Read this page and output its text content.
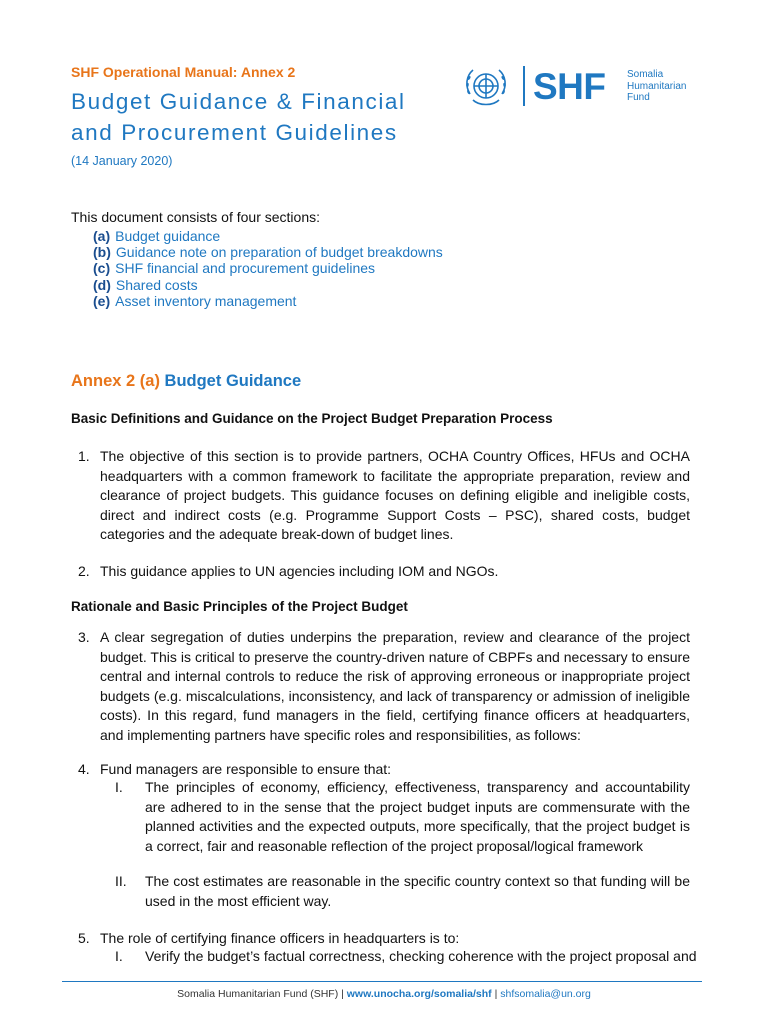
SHF Operational Manual: Annex 2
Budget Guidance & Financial
and Procurement Guidelines
(14 January 2020)
SHF Somalia
Humanitarian
Fund
This document consists of four sections:
(a) Budget guidance
(b) Guidance note on preparation of budget breakdowns
(c) SHF financial and procurement guidelines
(d) Shared costs
(e) Asset inventory management
Annex 2 (a) Budget Guidance
Basic Definitions and Guidance on the Project Budget Preparation Process
1. The objective of this section is to provide partners, OCHA Country Offices, HFUs and OCHA headquarters with a common framework to facilitate the appropriate preparation, review and clearance of project budgets. This guidance focuses on defining eligible and ineligible costs, direct and indirect costs (e.g. Programme Support Costs – PSC), shared costs, budget categories and the adequate break-down of budget lines.
2. This guidance applies to UN agencies including IOM and NGOs.
Rationale and Basic Principles of the Project Budget
3. A clear segregation of duties underpins the preparation, review and clearance of the project budget. This is critical to preserve the country-driven nature of CBPFs and necessary to ensure central and internal controls to reduce the risk of approving erroneous or inappropriate project budgets (e.g. miscalculations, inconsistency, and lack of transparency or admission of ineligible costs). In this regard, fund managers in the field, certifying finance officers at headquarters, and implementing partners have specific roles and responsibilities, as follows:
4. Fund managers are responsible to ensure that:
I. The principles of economy, efficiency, effectiveness, transparency and accountability are adhered to in the sense that the project budget inputs are commensurate with the planned activities and the expected outputs, more specifically, that the project budget is a correct, fair and reasonable reflection of the project proposal/logical framework
II. The cost estimates are reasonable in the specific country context so that funding will be used in the most efficient way.
5. The role of certifying finance officers in headquarters is to:
I. Verify the budget’s factual correctness, checking coherence with the project proposal and
Somalia Humanitarian Fund (SHF) | www.unocha.org/somalia/shf | shfsomalia@un.org
